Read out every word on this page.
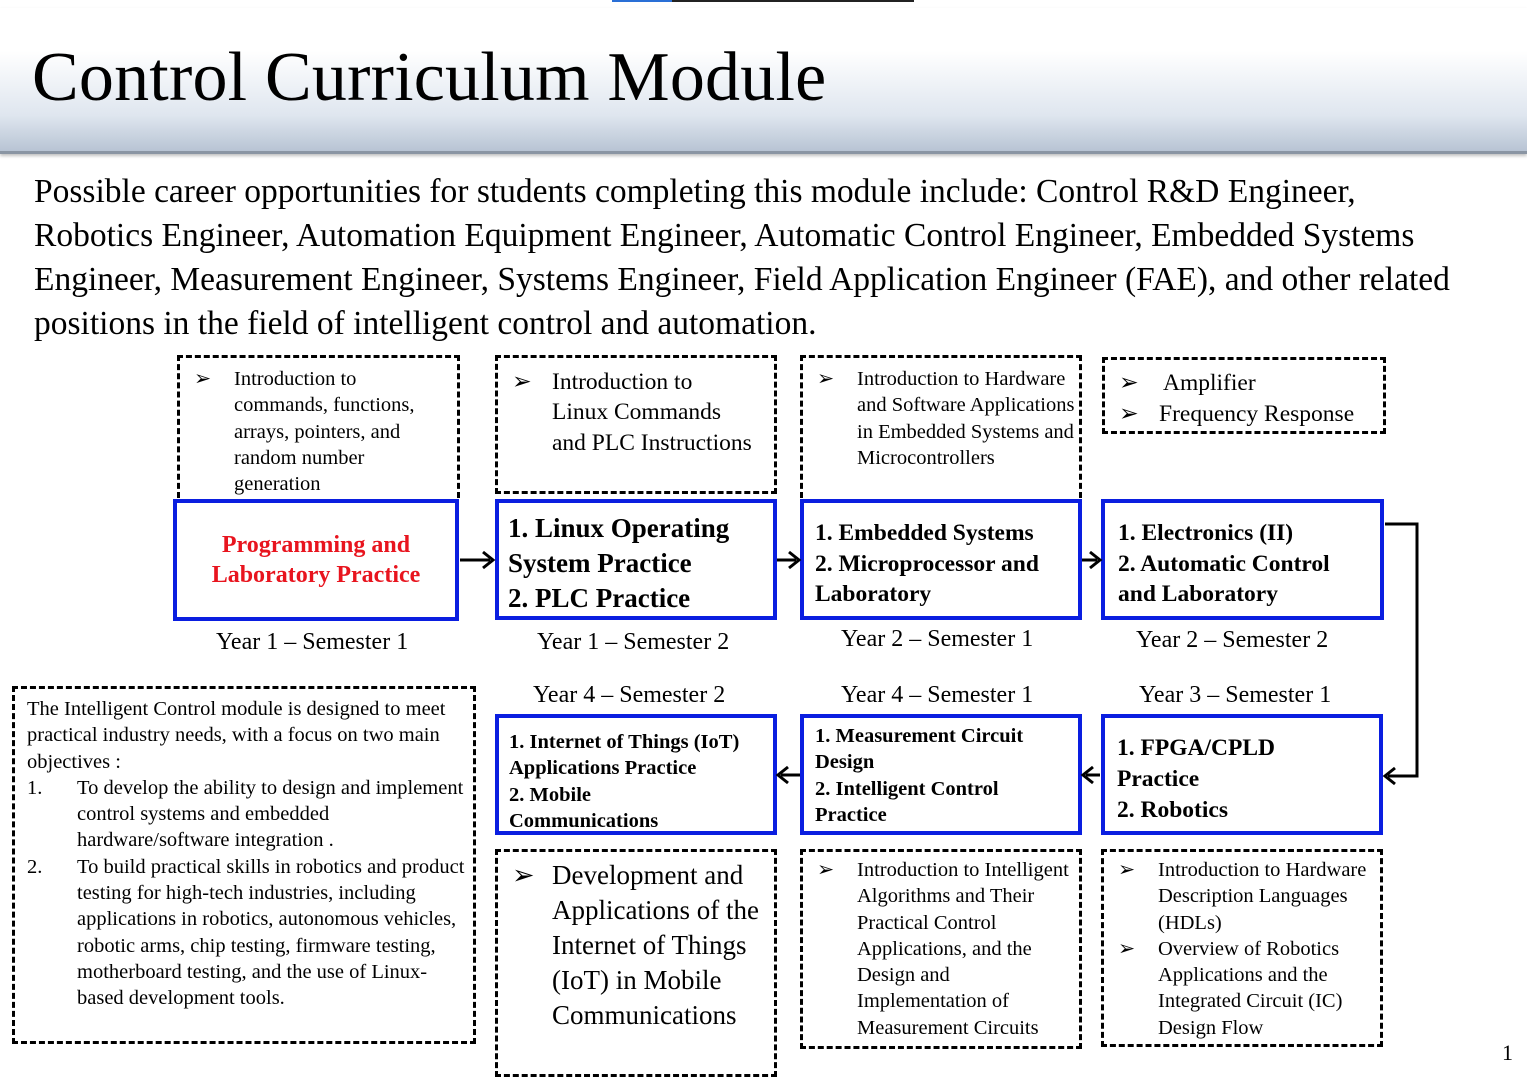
Control Curriculum Module
Possible career opportunities for students completing this module include: Control R&D Engineer, Robotics Engineer, Automation Equipment Engineer, Automatic Control Engineer, Embedded Systems Engineer, Measurement Engineer, Systems Engineer, Field Application Engineer (FAE), and other related positions in the field of intelligent control and automation.
➢ Introduction to commands, functions, arrays, pointers, and random number generation
➢ Introduction to Linux Commands and PLC Instructions
➢ Introduction to Hardware and Software Applications in Embedded Systems and Microcontrollers
➢ Amplifier
➢ Frequency Response
Programming and
Laboratory Practice
Year 1 – Semester 1
1. Linux Operating
System Practice
2. PLC Practice
Year 1 – Semester 2
1. Embedded Systems
2. Microprocessor and
Laboratory
Year 2 – Semester 1
1. Electronics (II)
2. Automatic Control
and Laboratory
Year 2 – Semester 2
Year 4 – Semester 2	Year 4 – Semester 1	Year 3 – Semester 1
1. Internet of Things (IoT)
Applications Practice
2. Mobile
Communications
1. Measurement Circuit
Design
2. Intelligent Control
Practice
1. FPGA/CPLD
Practice
2. Robotics
➢ Development and Applications of the Internet of Things (IoT) in Mobile Communications
➢ Introduction to Intelligent Algorithms and Their Practical Control Applications, and the Design and Implementation of Measurement Circuits
➢ Introduction to Hardware Description Languages (HDLs)
➢ Overview of Robotics Applications and the Integrated Circuit (IC) Design Flow
The Intelligent Control module is designed to meet practical industry needs, with a focus on two main objectives :
1. To develop the ability to design and implement control systems and embedded hardware/software integration .
2. To build practical skills in robotics and product testing for high-tech industries, including applications in robotics, autonomous vehicles, robotic arms, chip testing, firmware testing, motherboard testing, and the use of Linux-based development tools.
1
